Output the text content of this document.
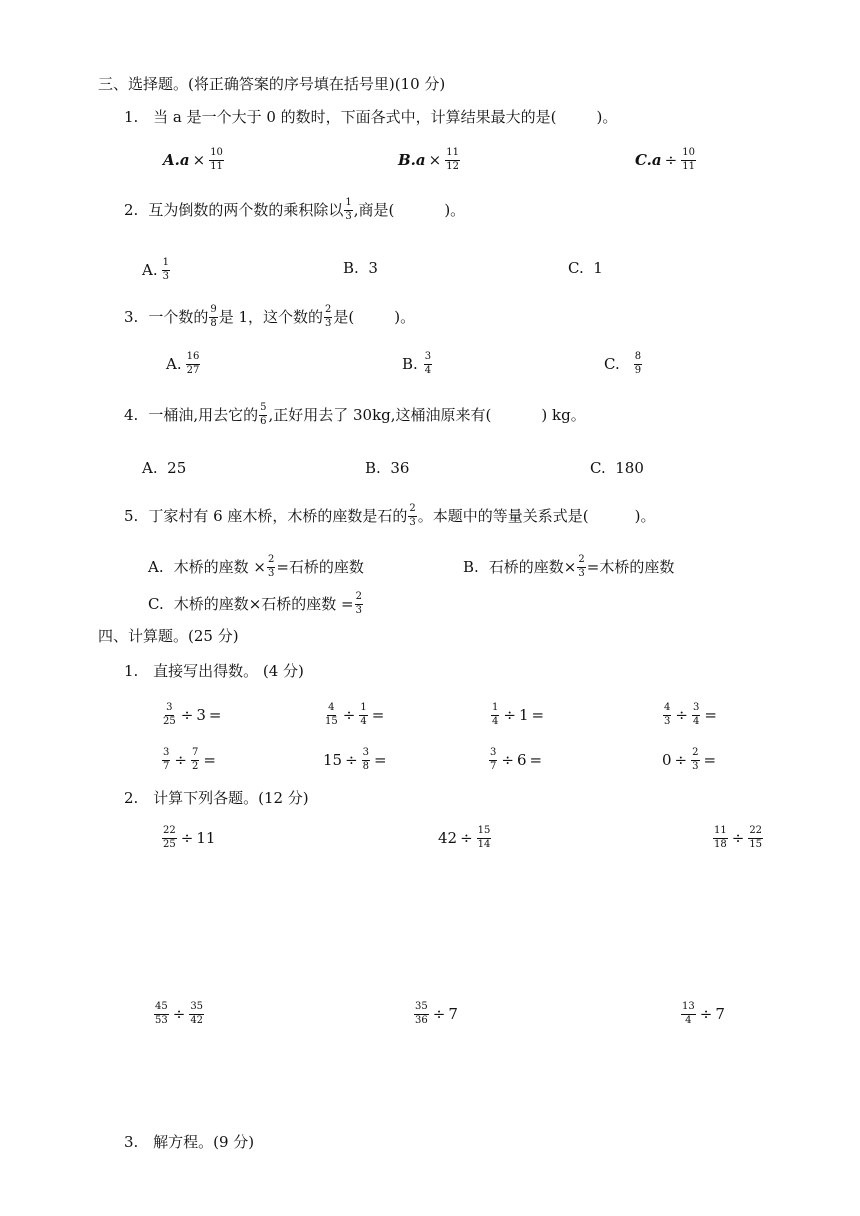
三、选择题。(将正确答案的序号填在括号里)(10 分)
1. 当 a 是一个大于 0 的数时，下面各式中，计算结果最大的是(	)。
A. $a \times \frac{10}{11}$	B. $a \times \frac{11}{12}$	C. $a \div \frac{10}{11}$
2. 互为倒数的两个数的乘积除以 $\frac{1}{3}$ ,商是(	)。
A. $\frac{1}{3}$	B. 3	C. 1
3. 一个数的 $\frac{9}{8}$ 是 1，这个数的 $\frac{2}{3}$ 是(	)。
A. $\frac{16}{27}$	B. $\frac{3}{4}$	C. $\frac{8}{9}$
4. 一桶油,用去它的 $\frac{5}{6}$ ,正好用去了 30kg,这桶油原来有(	) kg。
A. 25	B. 36	C. 180
5. 丁家村有 6 座木桥，木桥的座数是石的 $\frac{2}{3}$ 。本题中的等量关系式是(	)。
A. 木桥的座数 × $\frac{2}{3}$ =石桥的座数	B. 石桥的座数× $\frac{2}{3}$ =木桥的座数
C. 木桥的座数×石桥的座数 = $\frac{2}{3}$
四、计算题。(25 分)
1. 直接写出得数。 (4 分)
$\frac{3}{25} \div 3$ =	$\frac{4}{15} \div \frac{1}{4}$ =	$\frac{1}{4} \div 1$ =	$\frac{4}{3} \div \frac{3}{4}$ =
$\frac{3}{7} \div \frac{7}{2}$ =	$15 \div \frac{3}{8}$ =	$\frac{3}{7} \div 6$ =	$0 \div \frac{2}{3}$ =
2. 计算下列各题。(12 分)
$\frac{22}{25} \div 11$	$42 \div \frac{15}{14}$	$\frac{11}{18} \div \frac{22}{15}$
$\frac{45}{53} \div \frac{35}{42}$	$\frac{35}{36} \div 7$	$\frac{13}{4} \div 7$
3. 解方程。(9 分)
